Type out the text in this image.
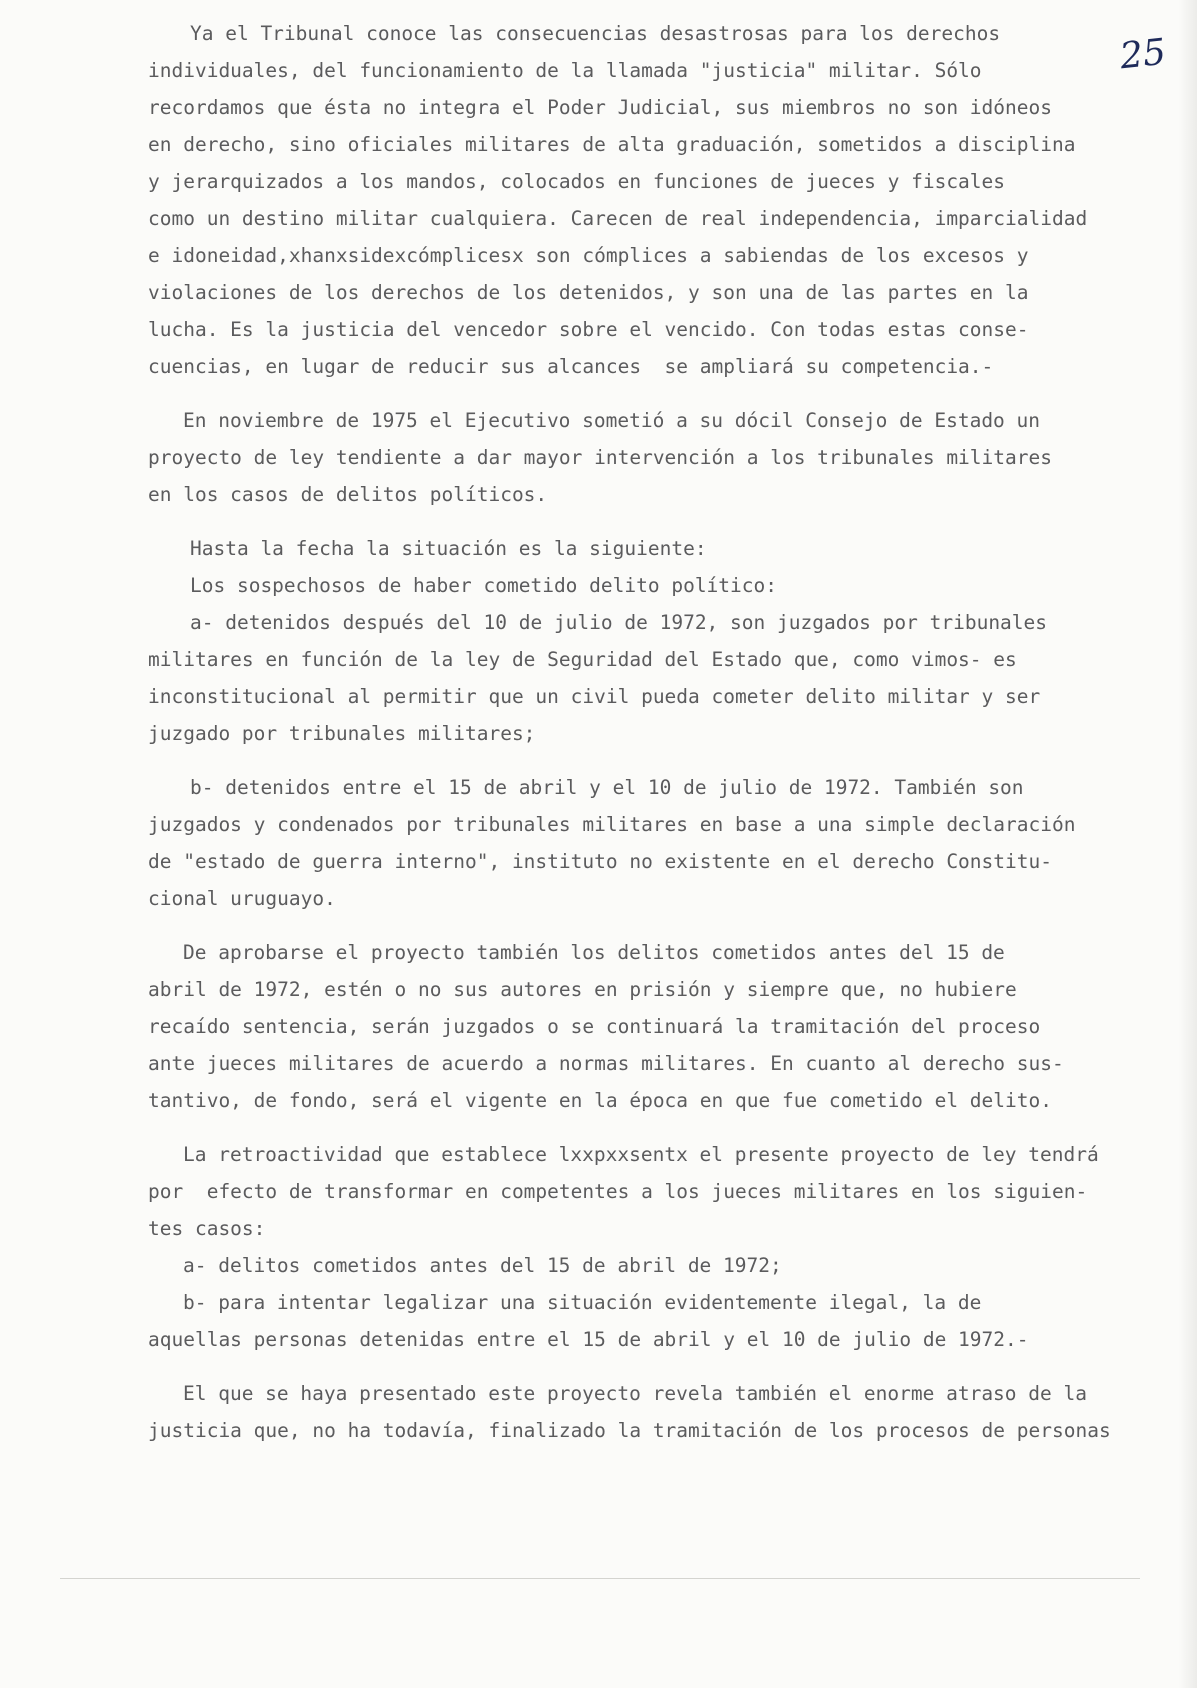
25
Ya el Tribunal conoce las consecuencias desastrosas para los derechos
individuales, del funcionamiento de la llamada "justicia" militar. Sólo
recordamos que ésta no integra el Poder Judicial, sus miembros no son idóneos
en derecho, sino oficiales militares de alta graduación, sometidos a disciplina
y jerarquizados a los mandos, colocados en funciones de jueces y fiscales
como un destino militar cualquiera. Carecen de real independencia, imparcialidad
e idoneidad,xhanxsidexcómplicesx son cómplices a sabiendas de los excesos y
violaciones de los derechos de los detenidos, y son una de las partes en la
lucha. Es la justicia del vencedor sobre el vencido. Con todas estas conse-
cuencias, en lugar de reducir sus alcances  se ampliará su competencia.-
En noviembre de 1975 el Ejecutivo sometió a su dócil Consejo de Estado un
proyecto de ley tendiente a dar mayor intervención a los tribunales militares
en los casos de delitos políticos.
Hasta la fecha la situación es la siguiente:
Los sospechosos de haber cometido delito político:
a- detenidos después del 10 de julio de 1972, son juzgados por tribunales
militares en función de la ley de Seguridad del Estado que, como vimos- es
inconstitucional al permitir que un civil pueda cometer delito militar y ser
juzgado por tribunales militares;
b- detenidos entre el 15 de abril y el 10 de julio de 1972. También son
juzgados y condenados por tribunales militares en base a una simple declaración
de "estado de guerra interno", instituto no existente en el derecho Constitu-
cional uruguayo.
De aprobarse el proyecto también los delitos cometidos antes del 15 de
abril de 1972, estén o no sus autores en prisión y siempre que, no hubiere
recaído sentencia, serán juzgados o se continuará la tramitación del proceso
ante jueces militares de acuerdo a normas militares. En cuanto al derecho sus-
tantivo, de fondo, será el vigente en la época en que fue cometido el delito.
La retroactividad que establece lxxpxxsentx el presente proyecto de ley tendrá
por  efecto de transformar en competentes a los jueces militares en los siguien-
tes casos:
a- delitos cometidos antes del 15 de abril de 1972;
b- para intentar legalizar una situación evidentemente ilegal, la de
aquellas personas detenidas entre el 15 de abril y el 10 de julio de 1972.-
El que se haya presentado este proyecto revela también el enorme atraso de la
justicia que, no ha todavía, finalizado la tramitación de los procesos de personas
